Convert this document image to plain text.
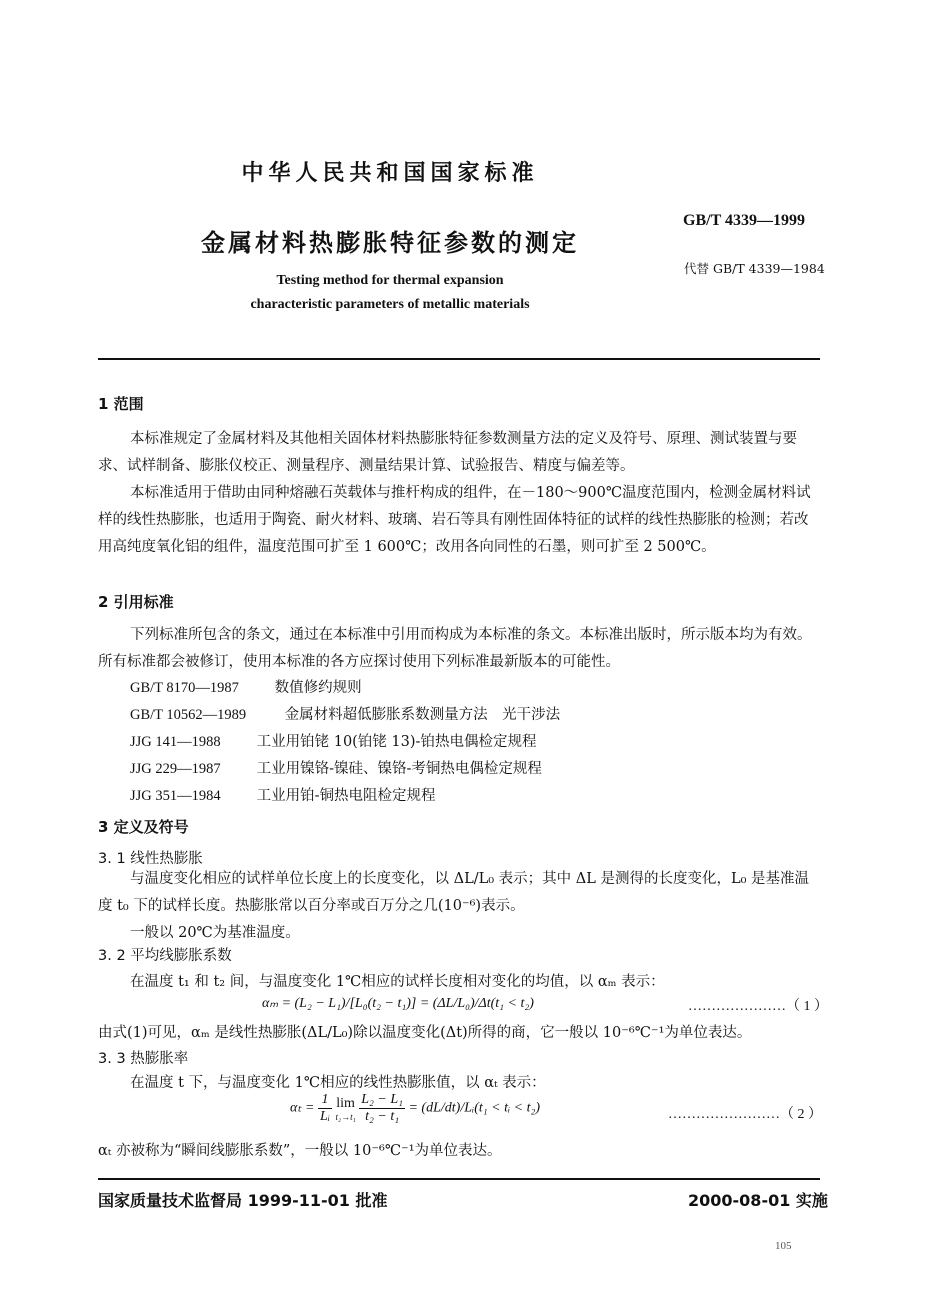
中华人民共和国国家标准
金属材料热膨胀特征参数的测定
Testing method for thermal expansion
characteristic parameters of metallic materials
GB/T 4339—1999
代替 GB/T 4339—1984
1 范围
本标准规定了金属材料及其他相关固体材料热膨胀特征参数测量方法的定义及符号、原理、测试装置与要求、试样制备、膨胀仪校正、测量程序、测量结果计算、试验报告、精度与偏差等。
本标准适用于借助由同种熔融石英载体与推杆构成的组件，在－180～900℃温度范围内，检测金属材料试样的线性热膨胀，也适用于陶瓷、耐火材料、玻璃、岩石等具有刚性固体特征的试样的线性热膨胀的检测；若改用高纯度氧化铝的组件，温度范围可扩至 1 600℃；改用各向同性的石墨，则可扩至 2 500℃。
2 引用标准
下列标准所包含的条文，通过在本标准中引用而构成为本标准的条文。本标准出版时，所示版本均为有效。所有标准都会被修订，使用本标准的各方应探讨使用下列标准最新版本的可能性。
GB/T 8170—1987 数值修约规则
GB/T 10562—1989	金属材料超低膨胀系数测量方法　光干涉法
JJG 141—1988 工业用铂铑 10(铂铑 13)-铂热电偶检定规程
JJG 229—1987 工业用镍铬-镍硅、镍铬-考铜热电偶检定规程
JJG 351—1984 工业用铂-铜热电阻检定规程
3 定义及符号
3. 1 线性热膨胀
与温度变化相应的试样单位长度上的长度变化，以 ΔL/L₀ 表示；其中 ΔL 是测得的长度变化，L₀ 是基准温度 t₀ 下的试样长度。热膨胀常以百分率或百万分之几(10⁻⁶)表示。
一般以 20℃为基准温度。
3. 2 平均线膨胀系数
在温度 t₁ 和 t₂ 间，与温度变化 1℃相应的试样长度相对变化的均值，以 αₘ 表示：
αₘ = (L₂ − L₁)/[L₀(t₂ − t₁)] = (ΔL/L₀)/Δt(t₁ < t₂)	…………………（ 1 ）
由式(1)可见，αₘ 是线性热膨胀(ΔL/L₀)除以温度变化(Δt)所得的商，它一般以 10⁻⁶℃⁻¹为单位表达。
3. 3 热膨胀率
在温度 t 下，与温度变化 1℃相应的线性热膨胀值，以 αₜ 表示：
$\alpha_t = \frac{1}{\text{Lᵢ}}$
lim
t₂→t₁
$\frac{\text{L₂ − L₁}}{\text{t₂ − t₁}}$ = (dL/dt)/Lᵢ(t₁ < tᵢ < t₂)	……………………（ 2 ）
αₜ 亦被称为“瞬间线膨胀系数”，一般以 10⁻⁶℃⁻¹为单位表达。
国家质量技术监督局 1999-11-01 批准	2000-08-01 实施
105
